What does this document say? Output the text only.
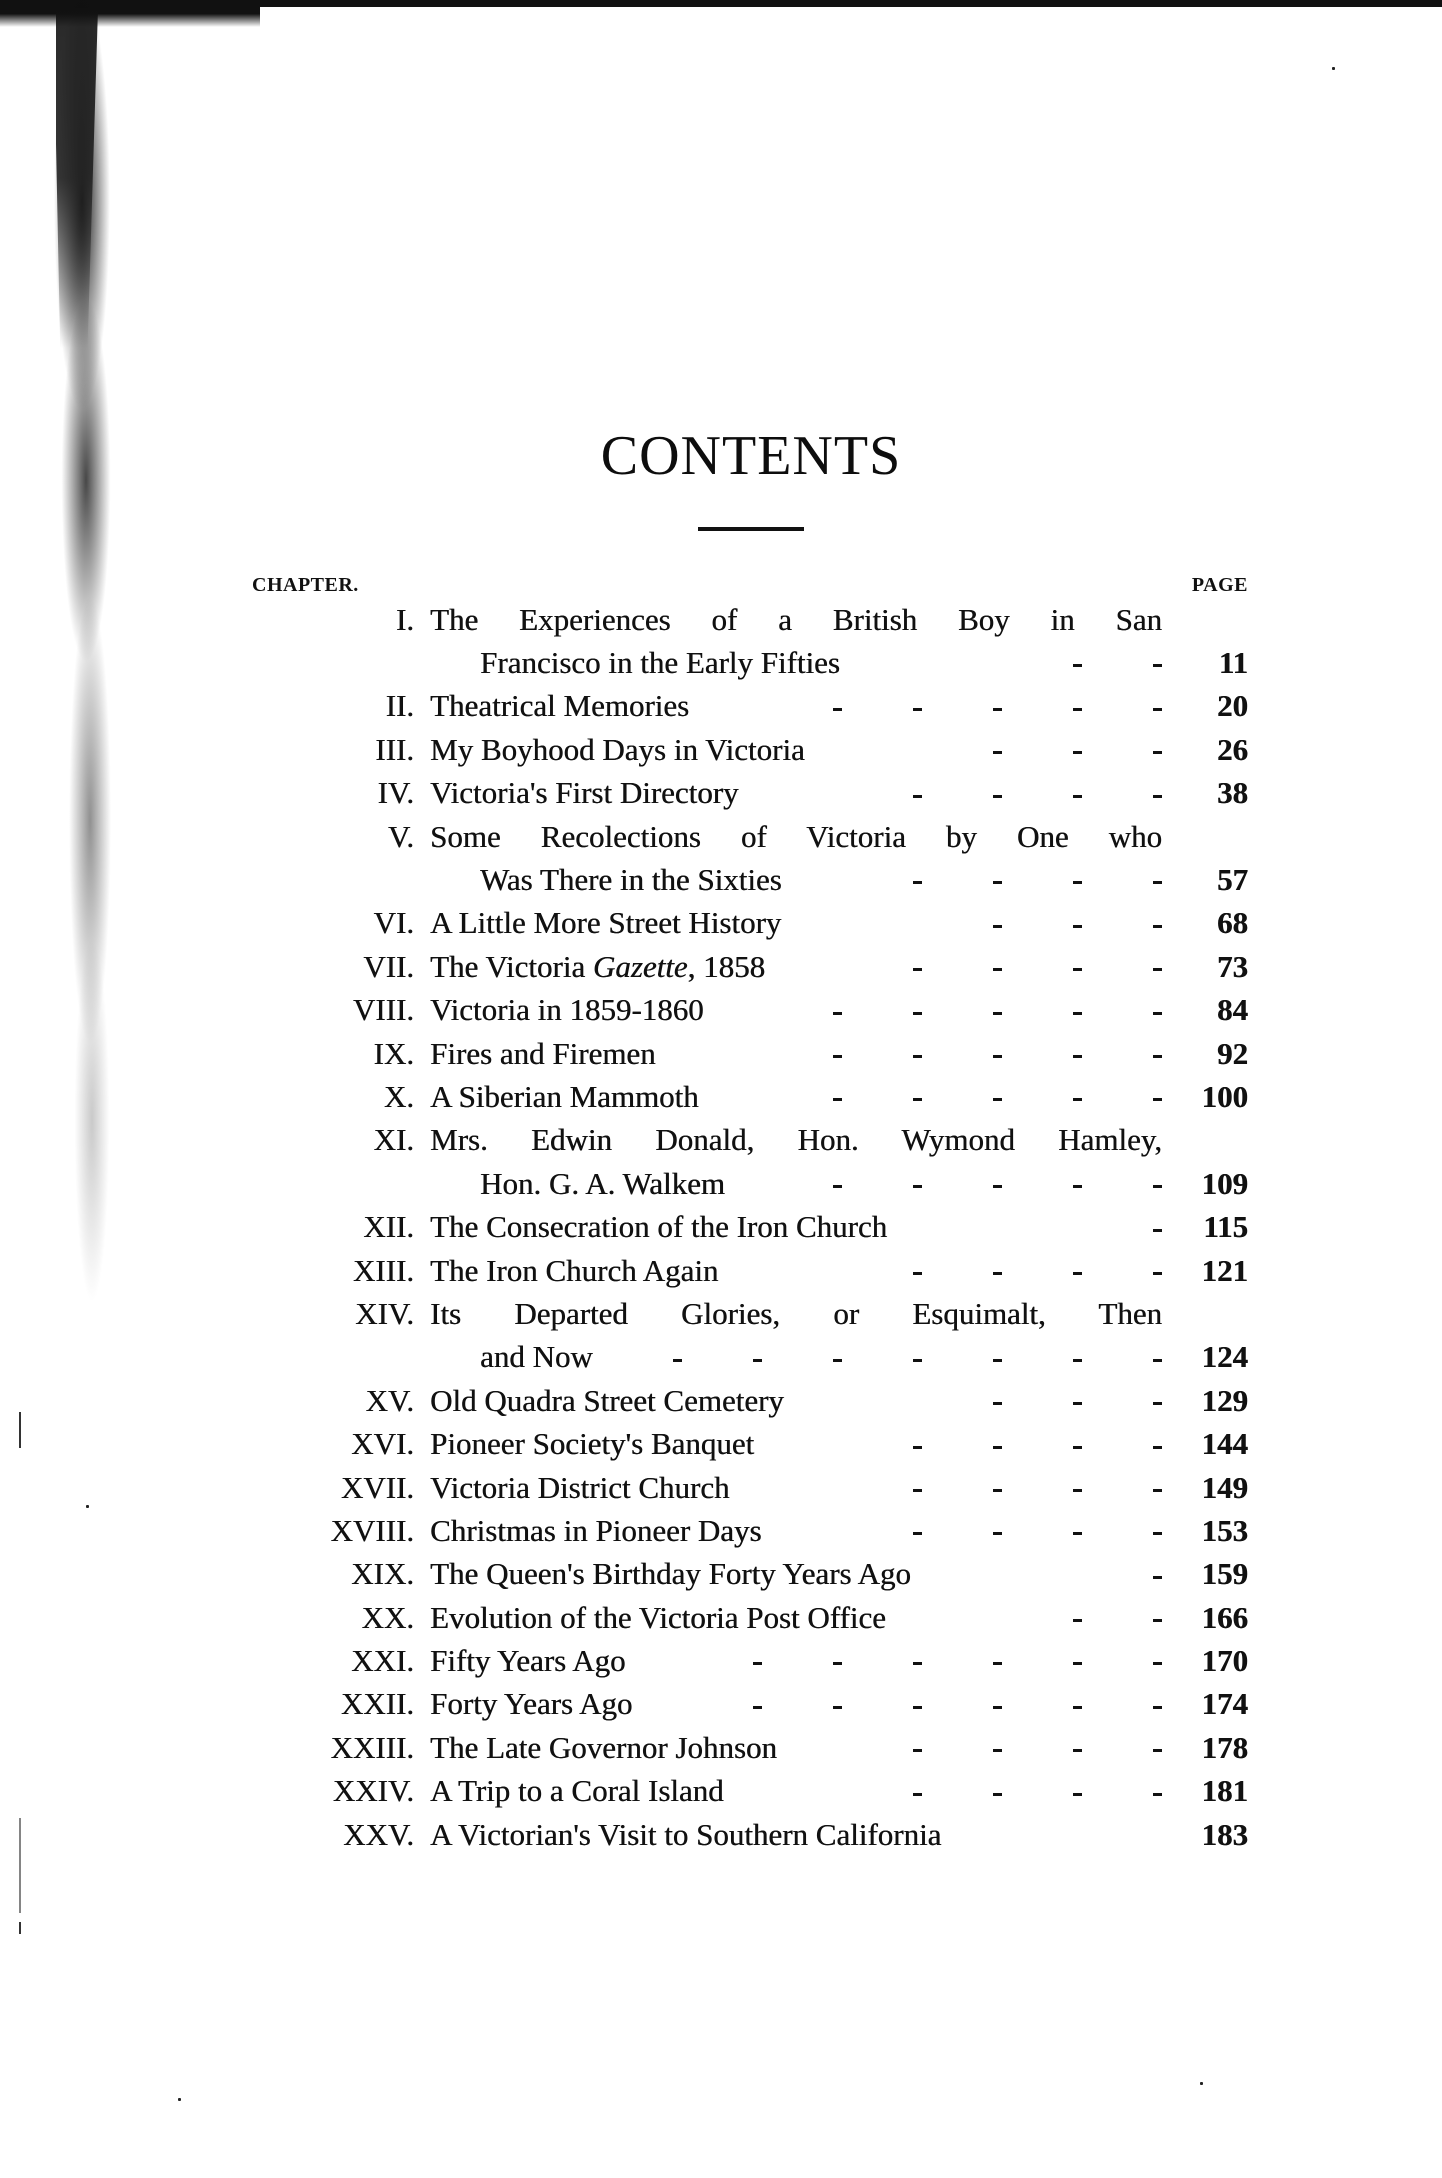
CONTENTS
CHAPTER.	PAGE
I. The Experiences of a British Boy in San
Francisco in the Early Fifties	11
II. Theatrical Memories	20
III. My Boyhood Days in Victoria	26
IV. Victoria's First Directory	38
V. Some Recolections of Victoria by One who
Was There in the Sixties	57
VI. A Little More Street History	68
VII. The Victoria Gazette, 1858	73
VIII. Victoria in 1859-1860	84
IX. Fires and Firemen	92
X. A Siberian Mammoth	100
XI. Mrs. Edwin Donald, Hon. Wymond Hamley,
Hon. G. A. Walkem	109
XII. The Consecration of the Iron Church	115
XIII. The Iron Church Again	121
XIV. Its Departed Glories, or Esquimalt, Then
and Now	124
XV. Old Quadra Street Cemetery	129
XVI. Pioneer Society's Banquet	144
XVII. Victoria District Church	149
XVIII. Christmas in Pioneer Days	153
XIX. The Queen's Birthday Forty Years Ago	159
XX. Evolution of the Victoria Post Office	166
XXI. Fifty Years Ago	170
XXII. Forty Years Ago	174
XXIII. The Late Governor Johnson	178
XXIV. A Trip to a Coral Island	181
XXV. A Victorian's Visit to Southern California	183
